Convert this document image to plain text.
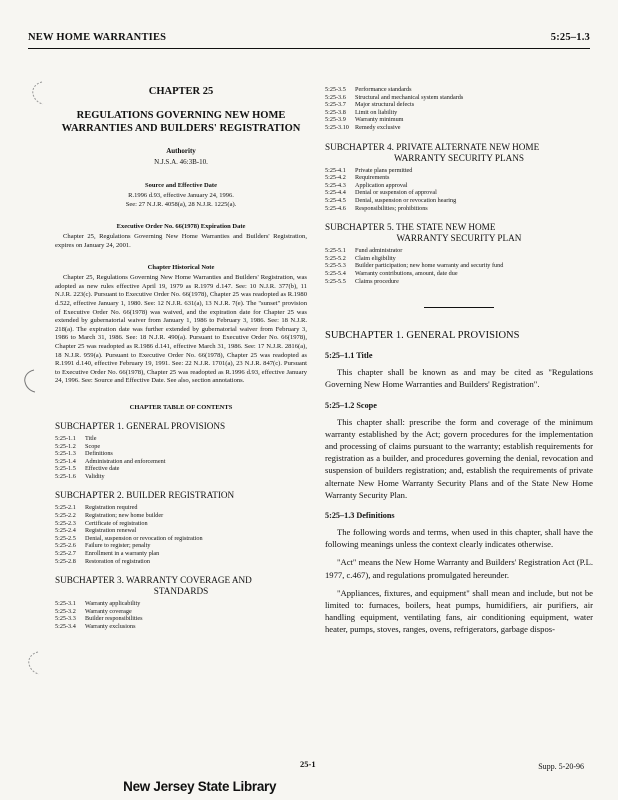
NEW HOME WARRANTIES	5:25–1.3
CHAPTER 25
REGULATIONS GOVERNING NEW HOME WARRANTIES AND BUILDERS' REGISTRATION
Authority
N.J.S.A. 46:3B-10.
Source and Effective Date
R.1996 d.93, effective January 24, 1996.
See: 27 N.J.R. 4058(a), 28 N.J.R. 1225(a).
Executive Order No. 66(1978) Expiration Date
Chapter 25, Regulations Governing New Home Warranties and Builders' Registration, expires on January 24, 2001.
Chapter Historical Note
Chapter 25, Regulations Governing New Home Warranties and Builders' Registration, was adopted as new rules effective April 19, 1979 as R.1979 d.147. See: 10 N.J.R. 377(b), 11 N.J.R. 223(c). Pursuant to Executive Order No. 66(1978), Chapter 25 was readopted as R.1980 d.522, effective January 1, 1980. See: 12 N.J.R. 631(a), 13 N.J.R. 7(e). The "sunset" provision of Executive Order No. 66(1978) was waived, and the expiration date for Chapter 25 was extended by gubernatorial waiver from January 1, 1986 to February 3, 1986. See: 18 N.J.R. 218(a). The expiration date was further extended by gubernatorial waiver from February 3, 1986 to March 31, 1986. See: 18 N.J.R. 490(a). Pursuant to Executive Order No. 66(1978), Chapter 25 was readopted as R.1986 d.141, effective March 31, 1986. See: 17 N.J.R. 2816(a), 18 N.J.R. 959(a). Pursuant to Executive Order No. 66(1978), Chapter 25 was readopted as R.1991 d.140, effective February 19, 1991. See: 22 N.J.R. 1701(a), 23 N.J.R. 847(c). Pursuant to Executive Order No. 66(1978), Chapter 25 was readopted as R.1996 d.93, effective January 24, 1996. See: Source and Effective Date. See also, section annotations.
CHAPTER TABLE OF CONTENTS
SUBCHAPTER 1. GENERAL PROVISIONS
5:25-1.1	Title
5:25-1.2	Scope
5:25-1.3	Definitions
5:25-1.4	Administration and enforcement
5:25-1.5	Effective date
5:25-1.6	Validity
SUBCHAPTER 2. BUILDER REGISTRATION
5:25-2.1	Registration required
5:25-2.2	Registration; new home builder
5:25-2.3	Certificate of registration
5:25-2.4	Registration renewal
5:25-2.5	Denial, suspension or revocation of registration
5:25-2.6	Failure to register; penalty
5:25-2.7	Enrollment in a warranty plan
5:25-2.8	Restoration of registration
SUBCHAPTER 3. WARRANTY COVERAGE AND
STANDARDS
5:25-3.1	Warranty applicability
5:25-3.2	Warranty coverage
5:25-3.3	Builder responsibilities
5:25-3.4	Warranty exclusions
5:25-3.5	Performance standards
5:25-3.6	Structural and mechanical system standards
5:25-3.7	Major structural defects
5:25-3.8	Limit on liability
5:25-3.9	Warranty minimum
5:25-3.10 Remedy exclusive
SUBCHAPTER 4. PRIVATE ALTERNATE NEW HOME
WARRANTY SECURITY PLANS
5:25-4.1	Private plans permitted
5:25-4.2	Requirements
5:25-4.3	Application approval
5:25-4.4	Denial or suspension of approval
5:25-4.5	Denial, suspension or revocation hearing
5:25-4.6	Responsibilities; prohibitions
SUBCHAPTER 5. THE STATE NEW HOME
WARRANTY SECURITY PLAN
5:25-5.1	Fund administrator
5:25-5.2	Claim eligibility
5:25-5.3	Builder participation; new home warranty and security fund
5:25-5.4	Warranty contributions, amount, date due
5:25-5.5	Claims procedure
SUBCHAPTER 1. GENERAL PROVISIONS
5:25–1.1 Title
This chapter shall be known as and may be cited as "Regulations Governing New Home Warranties and Builders' Registration".
5:25–1.2 Scope
This chapter shall: prescribe the form and coverage of the minimum warranty established by the Act; govern procedures for the implementation and processing of claims pursuant to the warranty; establish requirements for registration as a builder, and procedures governing the denial, revocation and suspension of builders registration; and, establish the requirements of private alternate New Home Warranty Security Plans and of the State New Home Warranty Security Plan.
5:25–1.3 Definitions
The following words and terms, when used in this chapter, shall have the following meanings unless the context clearly indicates otherwise.
"Act" means the New Home Warranty and Builders' Registration Act (P.L. 1977, c.467), and regulations promulgated hereunder.
"Appliances, fixtures, and equipment" shall mean and include, but not be limited to: furnaces, boilers, heat pumps, humidifiers, air purifiers, air handling equipment, ventilating fans, air conditioning equipment, water heater, pumps, stoves, ranges, ovens, refrigerators, garbage dispos-
25-1	Supp. 5-20-96
New Jersey State Library
